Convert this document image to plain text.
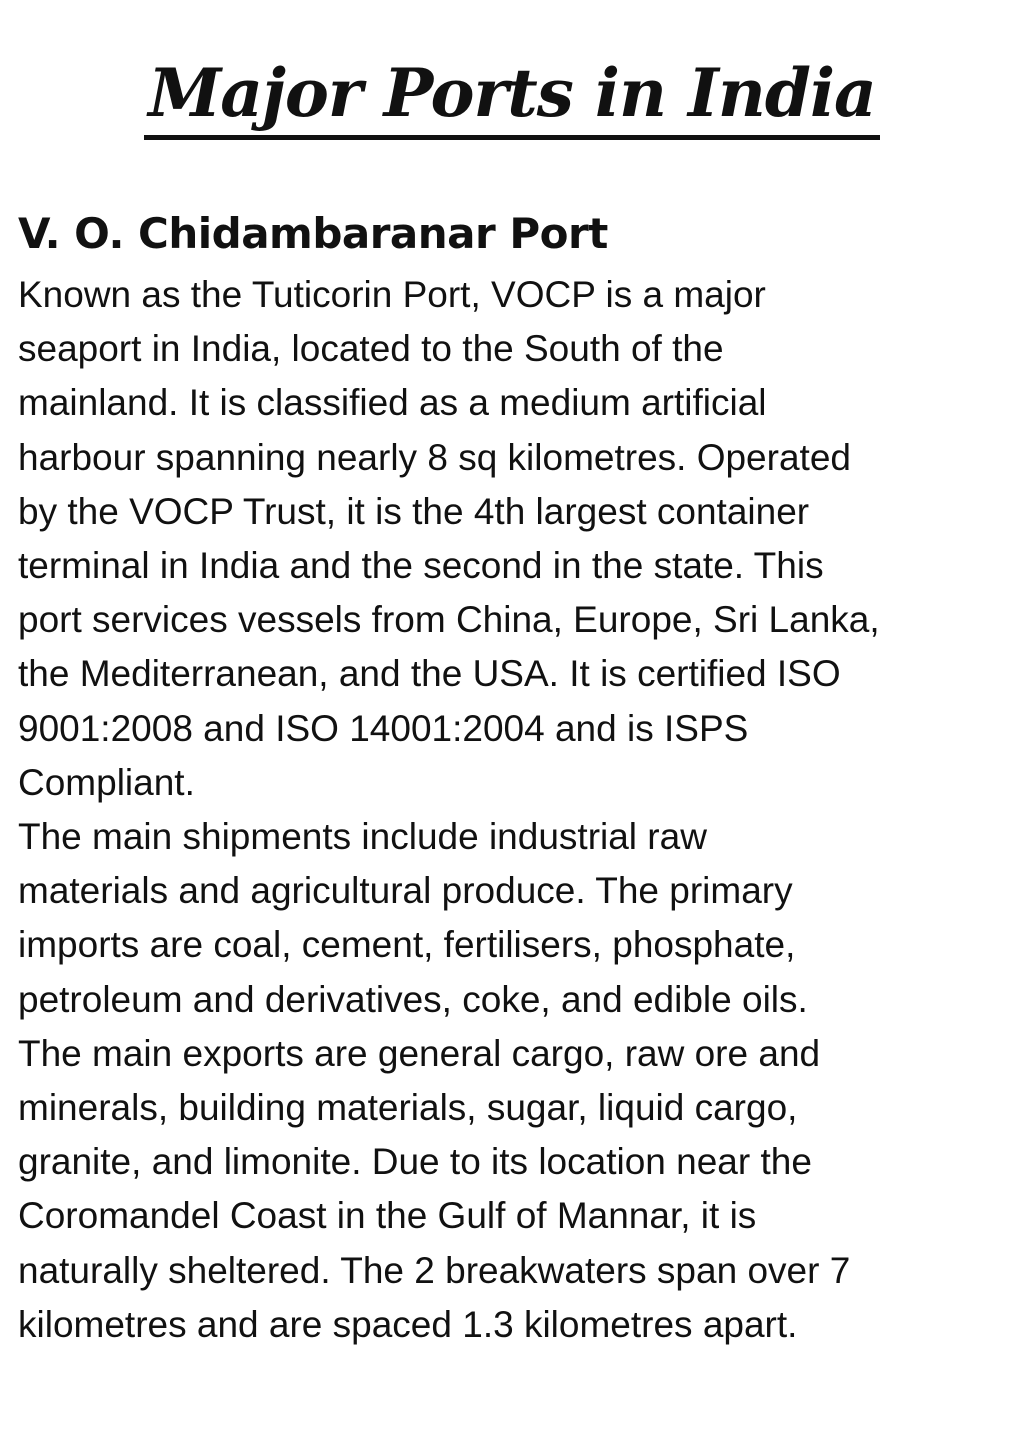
Major Ports in India
V. O. Chidambaranar Port
Known as the Tuticorin Port, VOCP is a major
seaport in India, located to the South of the
mainland. It is classified as a medium artificial
harbour spanning nearly 8 sq kilometres. Operated
by the VOCP Trust, it is the 4th largest container
terminal in India and the second in the state. This
port services vessels from China, Europe, Sri Lanka,
the Mediterranean, and the USA. It is certified ISO
9001:2008 and ISO 14001:2004 and is ISPS
Compliant.
The main shipments include industrial raw
materials and agricultural produce. The primary
imports are coal, cement, fertilisers, phosphate,
petroleum and derivatives, coke, and edible oils.
The main exports are general cargo, raw ore and
minerals, building materials, sugar, liquid cargo,
granite, and limonite. Due to its location near the
Coromandel Coast in the Gulf of Mannar, it is
naturally sheltered. The 2 breakwaters span over 7
kilometres and are spaced 1.3 kilometres apart.
